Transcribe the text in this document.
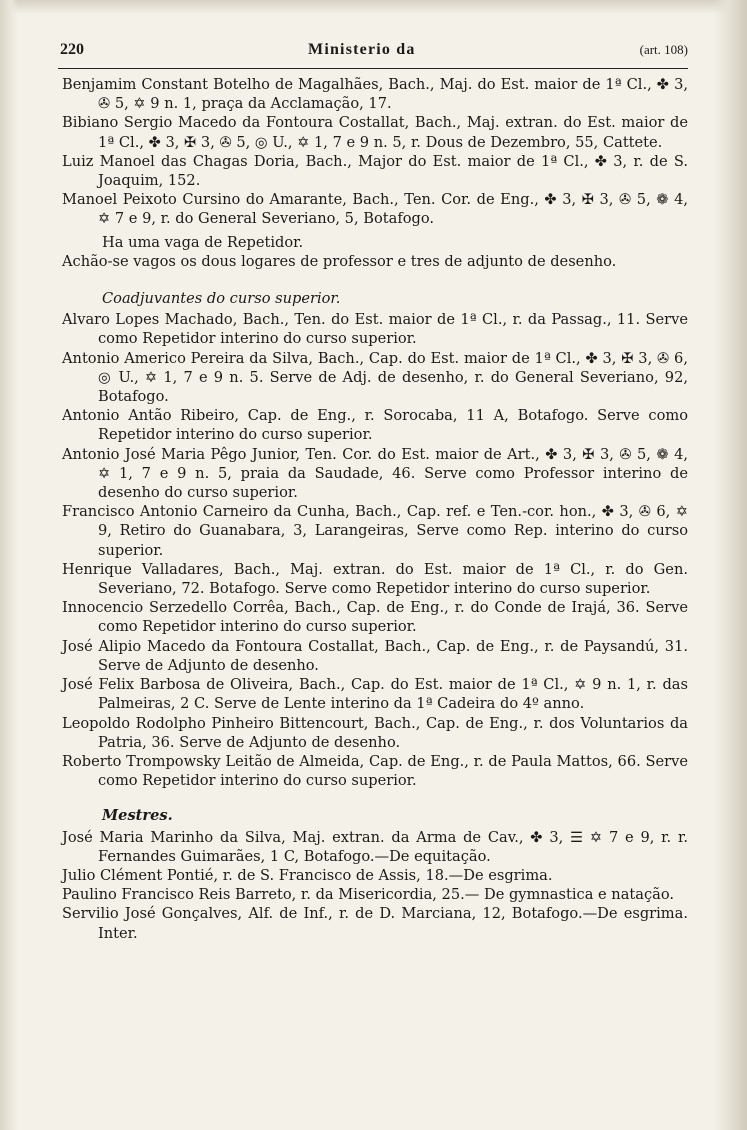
220	Ministerio da	(art. 108)

Benjamim Constant Botelho de Magalhães, Bach., Maj. do Est. maior de 1ª Cl., ✤ 3, ✇ 5, ✡ 9 n. 1, praça da Acclamação, 17.

Bibiano Sergio Macedo da Fontoura Costallat, Bach., Maj. extran. do Est. maior de 1ª Cl., ✤ 3, ✠ 3, ✇ 5, ◎ U., ✡ 1, 7 e 9 n. 5, r. Dous de Dezembro, 55, Cattete.

Luiz Manoel das Chagas Doria, Bach., Major do Est. maior de 1ª Cl., ✤ 3, r. de S. Joaquim, 152.

Manoel Peixoto Cursino do Amarante, Bach., Ten. Cor. de Eng., ✤ 3, ✠ 3, ✇ 5, ❁ 4, ✡ 7 e 9, r. do General Severiano, 5, Botafogo.

Ha uma vaga de Repetidor.

Achão-se vagos os dous logares de professor e tres de adjunto de desenho.

Coadjuvantes do curso superior.

Alvaro Lopes Machado, Bach., Ten. do Est. maior de 1ª Cl., r. da Passag., 11. Serve como Repetidor interino do curso superior.

Antonio Americo Pereira da Silva, Bach., Cap. do Est. maior de 1ª Cl., ✤ 3, ✠ 3, ✇ 6, ◎ U., ✡ 1, 7 e 9 n. 5. Serve de Adj. de desenho, r. do General Severiano, 92, Botafogo.

Antonio Antão Ribeiro, Cap. de Eng., r. Sorocaba, 11 A, Botafogo. Serve como Repetidor interino do curso superior.

Antonio José Maria Pêgo Junior, Ten. Cor. do Est. maior de Art., ✤ 3, ✠ 3, ✇ 5, ❁ 4, ✡ 1, 7 e 9 n. 5, praia da Saudade, 46. Serve como Professor interino de desenho do curso superior.

Francisco Antonio Carneiro da Cunha, Bach., Cap. ref. e Ten.-cor. hon., ✤ 3, ✇ 6, ✡ 9, Retiro do Guanabara, 3, Larangeiras, Serve como Rep. interino do curso superior.

Henrique Valladares, Bach., Maj. extran. do Est. maior de 1ª Cl., r. do Gen. Severiano, 72. Botafogo. Serve como Repetidor interino do curso superior.

Innocencio Serzedello Corrêa, Bach., Cap. de Eng., r. do Conde de Irajá, 36. Serve como Repetidor interino do curso superior.

José Alipio Macedo da Fontoura Costallat, Bach., Cap. de Eng., r. de Paysandú, 31. Serve de Adjunto de desenho.

José Felix Barbosa de Oliveira, Bach., Cap. do Est. maior de 1ª Cl., ✡ 9 n. 1, r. das Palmeiras, 2 C. Serve de Lente interino da 1ª Cadeira do 4º anno.

Leopoldo Rodolpho Pinheiro Bittencourt, Bach., Cap. de Eng., r. dos Voluntarios da Patria, 36. Serve de Adjunto de desenho.

Roberto Trompowsky Leitão de Almeida, Cap. de Eng., r. de Paula Mattos, 66. Serve como Repetidor interino do curso superior.

Mestres.

José Maria Marinho da Silva, Maj. extran. da Arma de Cav., ✤ 3, ☰ ✡ 7 e 9, r. r. Fernandes Guimarães, 1 C, Botafogo.—De equitação.

Julio Clément Pontié, r. de S. Francisco de Assis, 18.—De esgrima.

Paulino Francisco Reis Barreto, r. da Misericordia, 25.— De gymnastica e natação.

Servilio José Gonçalves, Alf. de Inf., r. de D. Marciana, 12, Botafogo.—De esgrima. Inter.
